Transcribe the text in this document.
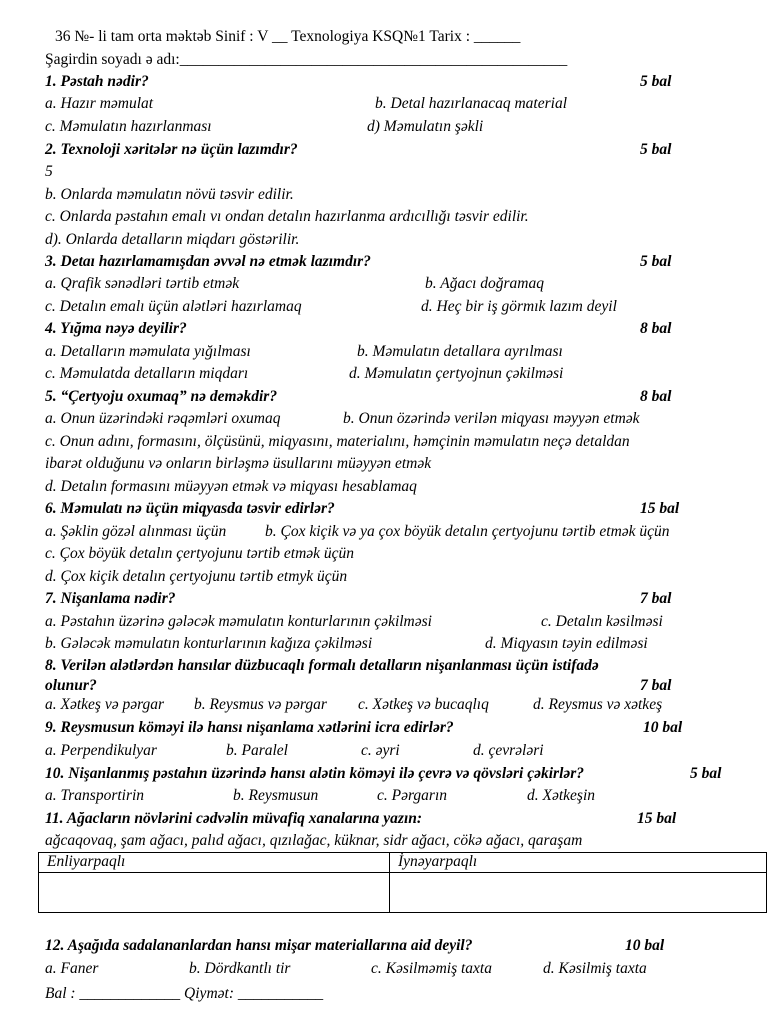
36 №- li tam orta məktəb Sinif : V __ Texnologiya KSQ№1 Tarix : ______
Şagirdin soyadı ə adı:__________________________________________________
1. Pəstah nədir?	5 bal
a. Hazır məmulat	b. Detal hazırlanacaq material
c. Məmulatın hazırlanması	d) Məmulatın şəkli
2. Texnoloji xəritələr nə üçün lazımdır?	5 bal
5
b. Onlarda məmulatın növü təsvir edilir.
c. Onlarda pəstahın emalı vı ondan detalın hazırlanma ardıcıllığı təsvir edilir.
d). Onlarda detalların miqdarı göstərilir.
3. Detaı hazırlamamışdan əvvəl nə etmək lazımdır?	5 bal
a. Qrafik sənədləri tərtib etmək	b. Ağacı doğramaq
c. Detalın emalı üçün alətləri hazırlamaq	d. Heç bir iş görmık lazım deyil
4. Yığma nəyə deyilir?	8 bal
a. Detalların məmulata yığılması	b. Məmulatın detallara ayrılması
c. Məmulatda detalların miqdarı	d. Məmulatın çertyojnun çəkilməsi
5. “Çertyoju oxumaq” nə deməkdir?	8 bal
a. Onun üzərindəki rəqəmləri oxumaq	b. Onun özərində verilən miqyası məyyən etmək
c. Onun adını, formasını, ölçüsünü, miqyasını, materialını, həmçinin məmulatın neçə detaldan
ibarət olduğunu və onların birləşmə üsullarını müəyyən etmək
d. Detalın formasını müəyyən etmək və miqyası hesablamaq
6. Məmulatı nə üçün miqyasda təsvir edirlər?	15 bal
a. Şəklin gözəl alınması üçün	b. Çox kiçik və ya çox böyük detalın çertyojunu tərtib etmək üçün
c. Çox böyük detalın çertyojunu tərtib etmək üçün
d. Çox kiçik detalın çertyojunu tərtib etmyk üçün
7. Nişanlama nədir?	7 bal
a. Pəstahın üzərinə gələcək məmulatın konturlarının çəkilməsi	c. Detalın kəsilməsi
b. Gələcək məmulatın konturlarının kağıza çəkilməsi	d. Miqyasın təyin edilməsi
8. Verilən alətlərdən hansılar düzbucaqlı formalı detalların nişanlanması üçün istifadə
olunur?	7 bal
a. Xətkeş və pərgar b. Reysmus və pərgar c. Xətkeş və bucaqlıq	d. Reysmus və xətkeş
9. Reysmusun köməyi ilə hansı nişanlama xətlərini icra edirlər?	10 bal
a. Perpendikulyar	b. Paralel	c. əyri	d. çevrələri
10. Nişanlanmış pəstahın üzərində hansı alətin köməyi ilə çevrə və qövsləri çəkirlər?	5 bal
a. Transportirin	b. Reysmusun	c. Pərgarın	d. Xətkeşin
11. Ağacların növlərini cədvəlin müvafiq xanalarına yazın:	15 bal
ağcaqovaq, şam ağacı, palıd ağacı, qızılağac, küknar, sidr ağacı, cökə ağacı, qaraşam
Enliyarpaqlı	İynəyarpaqlı

12. Aşağıda sadalananlardan hansı mişar materiallarına aid deyil?	10 bal
a. Faner	b. Dördkantlı tir	c. Kəsilməmiş taxta	d. Kəsilmiş taxta
Bal : _____________ Qiymət: ___________
